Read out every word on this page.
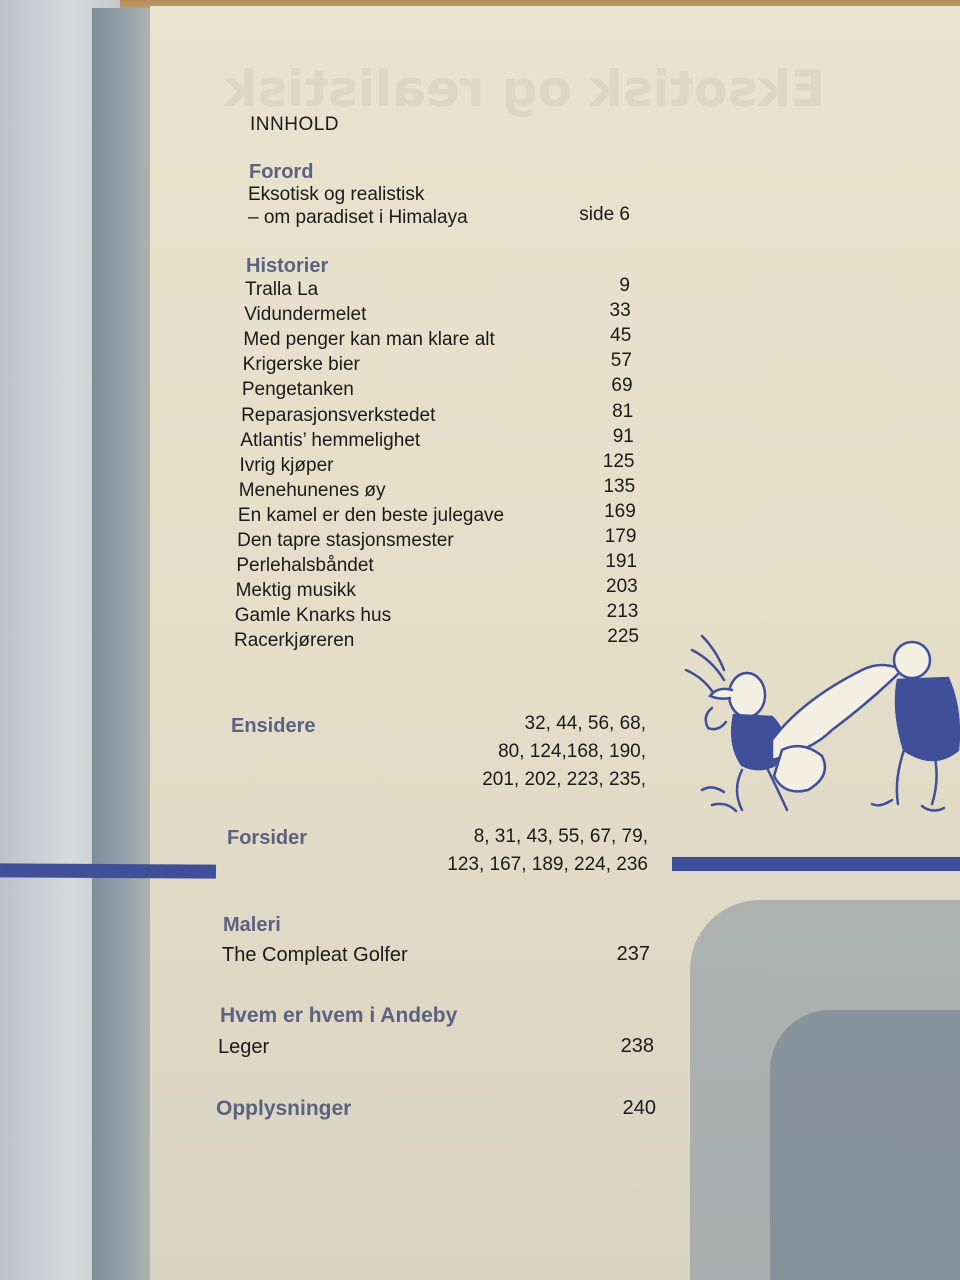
Eksotisk og realistisk
INNHOLD
Forord
Eksotisk og realistisk
– om paradiset i Himalaya	side 6
Historier
Tralla La	9
Vidundermelet	33
Med penger kan man klare alt	45
Krigerske bier	57
Pengetanken	69
Reparasjonsverkstedet	81
Atlantis’ hemmelighet	91
Ivrig kjøper	125
Menehunenes øy	135
En kamel er den beste julegave	169
Den tapre stasjonsmester	179
Perlehalsbåndet	191
Mektig musikk	203
Gamle Knarks hus	213
Racerkjøreren	225
Ensidere	32, 44, 56, 68,
80, 124,168, 190,
201, 202, 223, 235,
Forsider	8, 31, 43, 55, 67, 79,
123, 167, 189, 224, 236
Maleri
The Compleat Golfer	237
Hvem er hvem i Andeby
Leger	238
Opplysninger	240
